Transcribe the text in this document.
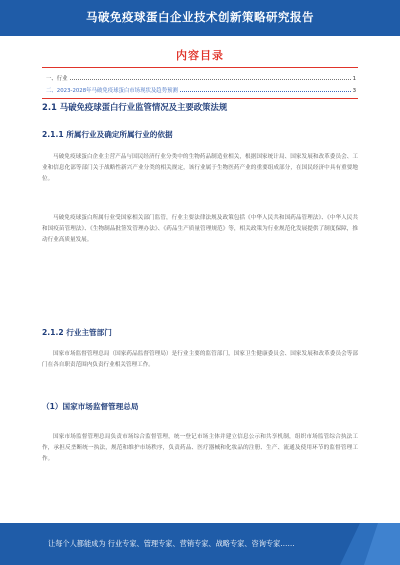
马破免疫球蛋白企业技术创新策略研究报告
内容目录
一、行业	1
二、2023-2028年马破免疫球蛋白市场现状及趋势预测	3
2.1 马破免疫球蛋白行业监管情况及主要政策法规
2.1.1 所属行业及确定所属行业的依据

马破免疫球蛋白企业主营产品与国民经济行业分类中的生物药品制造业相关，根据国家统计局、国家发展和改革委员会、工业和信息化部等部门关于战略性新兴产业分类的相关规定，该行业属于生物医药产业的重要组成部分，在国民经济中具有重要地位。

马破免疫球蛋白所属行业受国家相关部门监管，行业主要法律法规及政策包括《中华人民共和国药品管理法》、《中华人民共和国疫苗管理法》、《生物制品批签发管理办法》、《药品生产质量管理规范》等，相关政策为行业规范化发展提供了制度保障，推动行业高质量发展。

2.1.2 行业主管部门

国家市场监督管理总局（国家药品监督管理局）是行业主要的监管部门，国家卫生健康委员会、国家发展和改革委员会等部门在各自职责范围内负责行业相关管理工作。

（1）国家市场监督管理总局

国家市场监督管理总局负责市场综合监督管理，统一登记市场主体并建立信息公示和共享机制，组织市场监管综合执法工作，承担反垄断统一执法，规范和维护市场秩序，负责药品、医疗器械和化妆品的注册、生产、流通及使用环节的监督管理工作。

让每个人都能成为 行业专家、管理专家、营销专家、战略专家、咨询专家……
